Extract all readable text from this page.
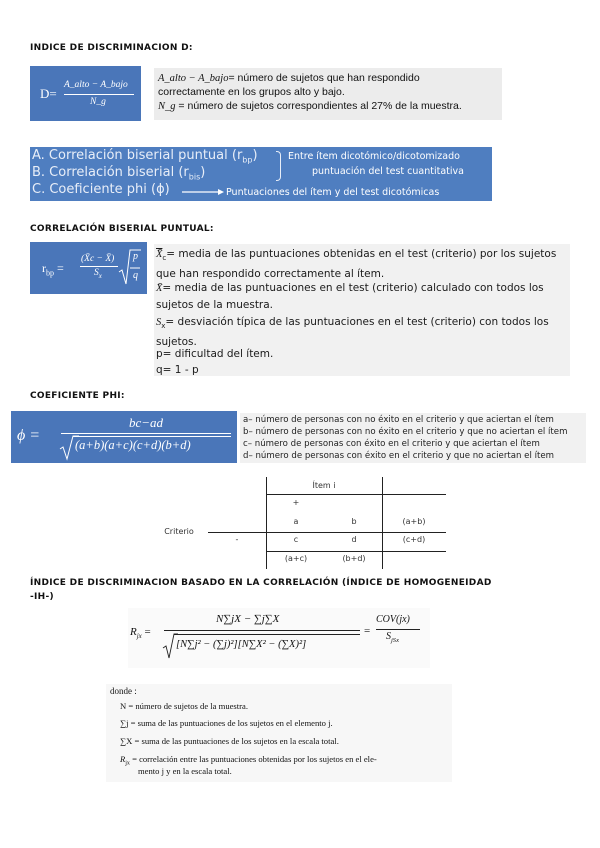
INDICE DE DISCRIMINACION D:
D=
A_alto − A_bajo
N_g
A_alto − A_bajo= número de sujetos que han respondido
correctamente en los grupos alto y bajo.
N_g = número de sujetos correspondientes al 27% de la muestra.
A. Correlación biserial puntual $(r_{bp})$
B. Correlación biserial $(r_{bis})$
C. Coeficiente phi (ϕ)
Entre ítem dicotómico/dicotomizado
puntuación del test cuantitativa
Puntuaciones del ítem y del test dicotómicas
CORRELACIÓN BISERIAL PUNTUAL:
$r_{bp}$ =
(X̄c − X̄)
$S_x$
p
q
$X̄_c=$ media de las puntuaciones obtenidas en el test (criterio) por los sujetos que han respondido correctamente al ítem.
X̄= media de las puntuaciones en el test (criterio) calculado con todos los sujetos de la muestra.
$S_x=$ desviación típica de las puntuaciones en el test (criterio) con todos los sujetos.
p= dificultad del ítem.
q= 1 - p
COEFICIENTE PHI:
ϕ =
bc−ad
(a+b)(a+c)(c+d)(b+d)
a– número de personas con no éxito en el criterio y que aciertan el ítem
b– número de personas con no éxito en el criterio y que no aciertan el ítem
c– número de personas con éxito en el criterio y que aciertan el ítem
d– número de personas con éxito en el criterio y que no aciertan el ítem
Ítem i
+
Criterio
a	b	(a+b)
-	c	d	(c+d)
(a+c)	(b+d)
ÍNDICE DE DISCRIMINACION BASADO EN LA CORRELACIÓN (ÍNDICE DE HOMOGENEIDAD
-IH-)
$R_{jx}$ =
N∑jX − ∑j∑X
[N∑j² − (∑j)²][N∑X² − (∑X)²]
=
COV(jx)
$S_{jSx}$
donde :
N = número de sujetos de la muestra.
∑j = suma de las puntuaciones de los sujetos en el elemento j.
∑X = suma de las puntuaciones de los sujetos en la escala total.
$R_{jx}$ = correlación entre las puntuaciones obtenidas por los sujetos en el ele-
mento j y en la escala total.
